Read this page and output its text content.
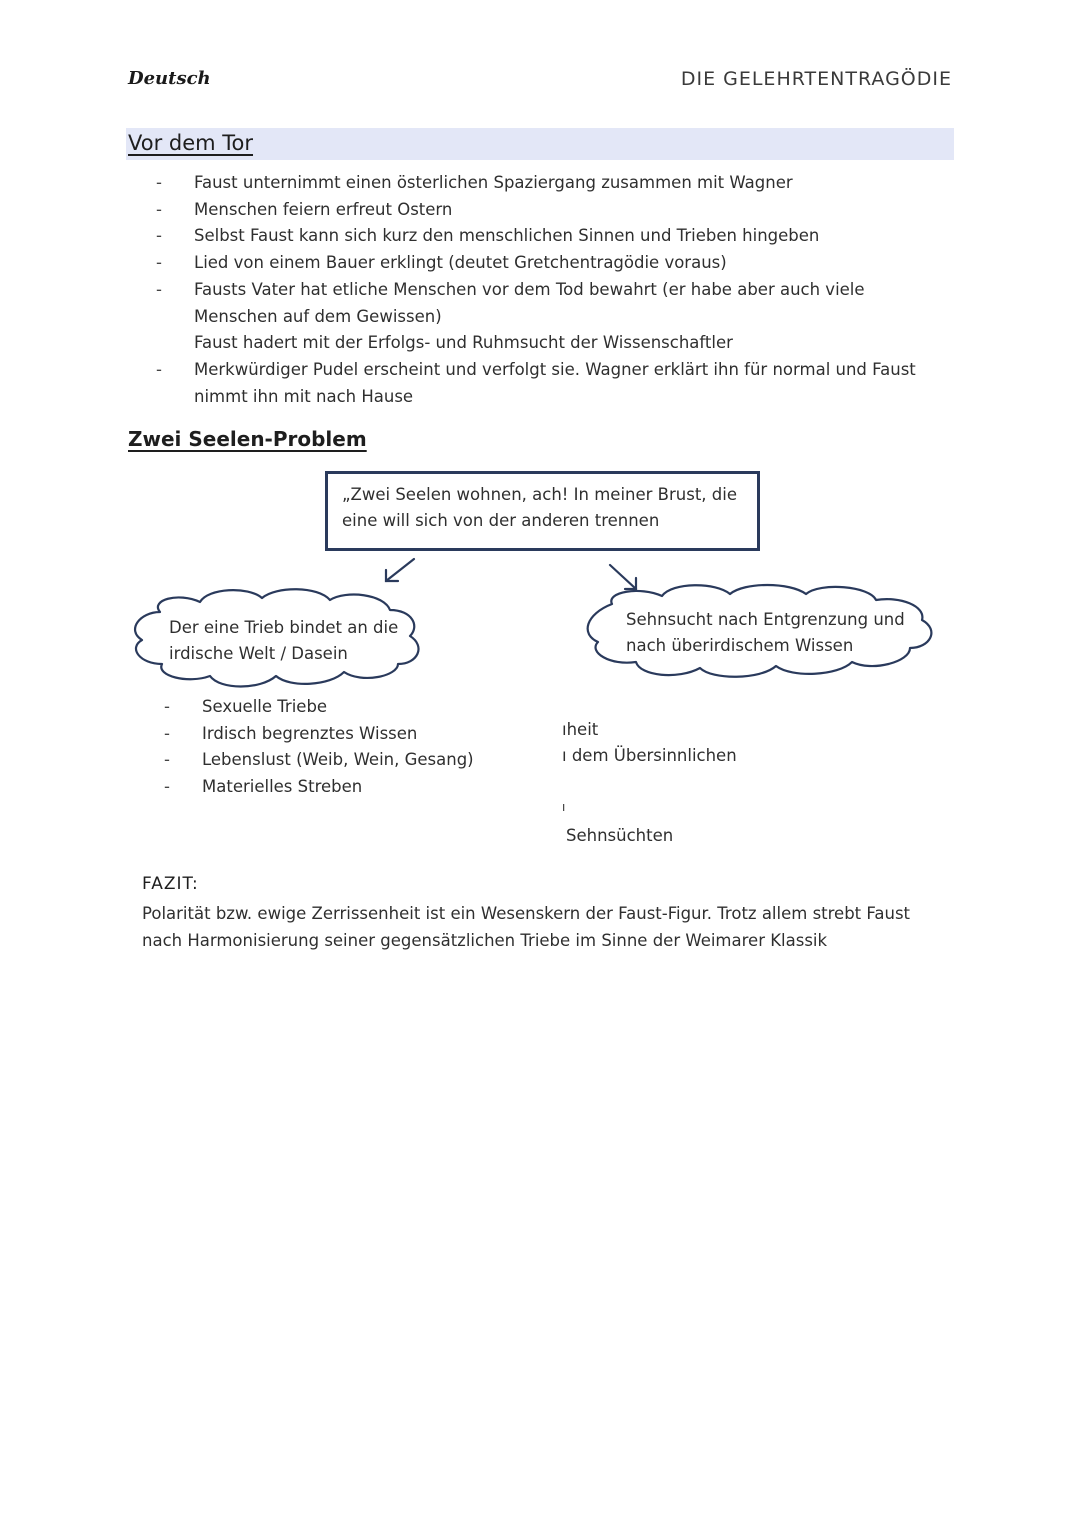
Deutsch	DIE GELEHRTENTRAGÖDIE
Vor dem Tor
- Faust unternimmt einen österlichen Spaziergang zusammen mit Wagner
- Menschen feiern erfreut Ostern
- Selbst Faust kann sich kurz den menschlichen Sinnen und Trieben hingeben
- Lied von einem Bauer erklingt (deutet Gretchentragödie voraus)
- Fausts Vater hat etliche Menschen vor dem Tod bewahrt (er habe aber auch viele
Menschen auf dem Gewissen)
Faust hadert mit der Erfolgs- und Ruhmsucht der Wissenschaftler
- Merkwürdiger Pudel erscheint und verfolgt sie. Wagner erklärt ihn für normal und Faust
nimmt ihn mit nach Hause
Zwei Seelen-Problem
„Zwei Seelen wohnen, ach! In meiner Brust, die
eine will sich von der anderen trennen
Der eine Trieb bindet an die
irdische Welt / Dasein
Sehnsucht nach Entgrenzung und
nach überirdischem Wissen
- Sexuelle Triebe
- Irdisch begrenztes Wissen
- Lebenslust (Weib, Wein, Gesang)
- Materielles Streben
ıheit
ı dem Übersinnlichen
ı
Sehnsüchten
FAZIT:
Polarität bzw. ewige Zerrissenheit ist ein Wesenskern der Faust-Figur. Trotz allem strebt Faust nach Harmonisierung seiner gegensätzlichen Triebe im Sinne der Weimarer Klassik
